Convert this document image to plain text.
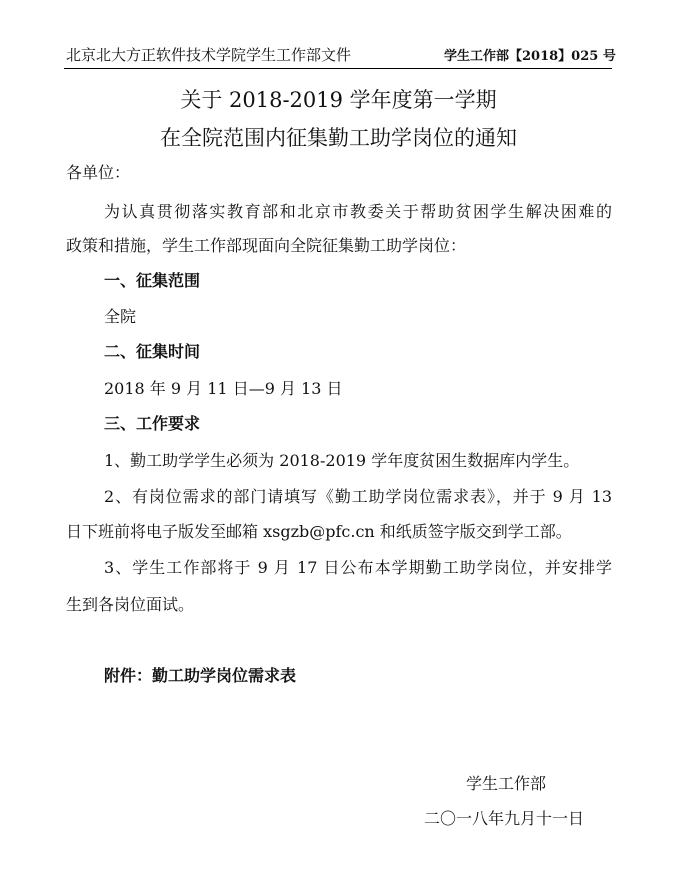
北京北大方正软件技术学院学生工作部文件	学生工作部【2018】025 号
关于 2018-2019 学年度第一学期
在全院范围内征集勤工助学岗位的通知
各单位：
为认真贯彻落实教育部和北京市教委关于帮助贫困学生解决困难的
政策和措施，学生工作部现面向全院征集勤工助学岗位：
一、征集范围
全院
二、征集时间
2018 年 9 月 11 日—9 月 13 日
三、工作要求
1、勤工助学学生必须为 2018-2019 学年度贫困生数据库内学生。
2、有岗位需求的部门请填写《勤工助学岗位需求表》，并于 9 月 13
日下班前将电子版发至邮箱 xsgzb@pfc.cn 和纸质签字版交到学工部。
3、学生工作部将于 9 月 17 日公布本学期勤工助学岗位，并安排学
生到各岗位面试。
附件：勤工助学岗位需求表
学生工作部
二〇一八年九月十一日
